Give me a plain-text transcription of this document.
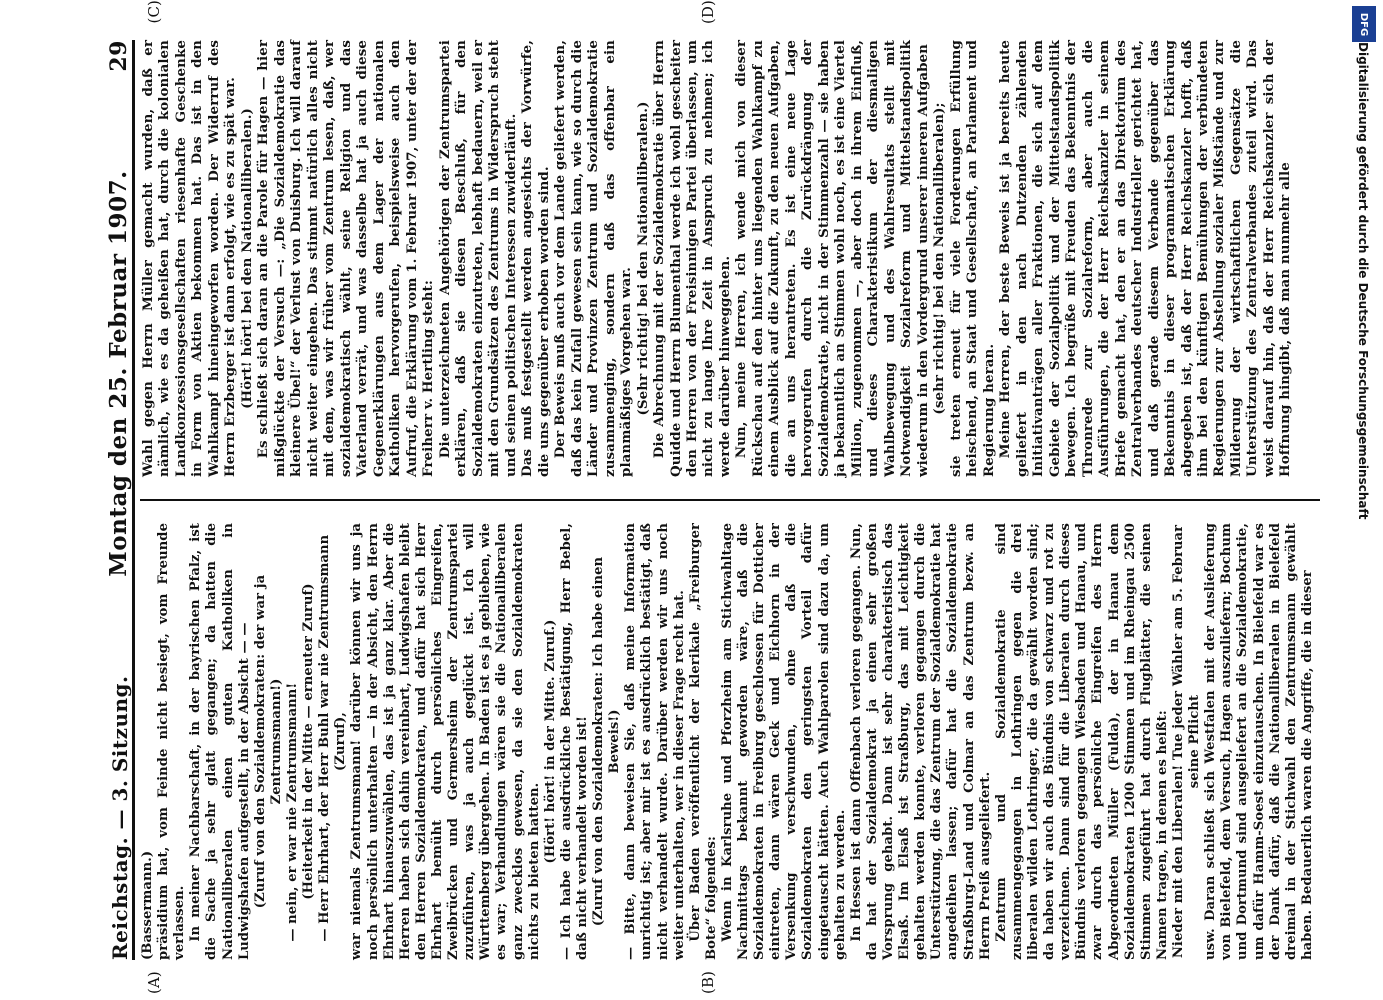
Reichstag. — 3. Sitzung.
Montag den 25. Februar 1907.
29
(A)	(B)

(Bassermann.) präsidium hat, vom Feinde nicht besiegt, vom Freunde verlassen. In meiner Nachbarschaft, in der bayrischen Pfalz, ist die Sache ja sehr glatt gegangen; da hatten die Nationalliberalen einen guten Katholiken in Ludwigshafen aufgestellt, in der Absicht — — (Zuruf von den Sozialdemokraten: der war ja Zentrumsmann!) — nein, er war nie Zentrumsmann! (Heiterkeit in der Mitte — erneuter Zuruf) — Herr Ehrhart, der Herr Buhl war nie Zentrumsmann (Zuruf), war niemals Zentrumsmann! darüber können wir uns ja noch persönlich unterhalten — in der Absicht, den Herrn Ehrhart hinauszuwählen, das ist ja ganz klar. Aber die Herren haben sich dahin vereinbart, Ludwigshafen bleibt den Herren Sozialdemokraten, und dafür hat sich Herr Ehrhart bemüht durch persönliches Eingreifen, Zweibrücken und Germersheim der Zentrumspartei zuzuführen, was ja auch geglückt ist. Ich will Württemberg übergehen. In Baden ist es ja geblieben, wie es war; Verhandlungen wären sie die Nationalliberalen ganz zwecklos gewesen, da sie den Sozialdemokraten nichts zu bieten hatten.

(Hört! hört! in der Mitte. Zuruf.) — Ich habe die ausdrückliche Bestätigung, Herr Bebel, daß nicht verhandelt worden ist! (Zuruf von den Sozialdemokraten: Ich habe einen Beweis!) — Bitte, dann beweisen Sie, daß meine Information unrichtig ist; aber mir ist es ausdrücklich bestätigt, daß nicht verhandelt wurde. Darüber werden wir uns noch weiter unterhalten, wer in dieser Frage recht hat. Über Baden veröffentlicht der klerikale „Freiburger Bote“ folgendes: Wenn in Karlsruhe und Pforzheim am Stichwahltage Nachmittags bekannt geworden wäre, daß die Sozialdemokraten in Freiburg geschlossen für Dotticher eintreten, dann wären Geck und Eichhorn in der Versenkung verschwunden, ohne daß die Sozialdemokraten den geringsten Vorteil dafür eingetauscht hätten. Auch Wahlparolen sind dazu da, um gehalten zu werden. In Hessen ist dann Offenbach verloren gegangen. Nun, da hat der Sozialdemokrat ja einen sehr großen Vorsprung gehabt. Dann ist sehr charakteristisch das Elsaß. Im Elsaß ist Straßburg, das mit Leichtigkeit gehalten werden konnte, verloren gegangen durch die Unterstützung, die das Zentrum der Sozialdemokratie hat angedeihen lassen; dafür hat die Sozialdemokratie Straßburg-Land und Colmar an das Zentrum bezw. an Herrn Preiß ausgeliefert. Zentrum und Sozialdemokratie sind zusammengegangen in Lothringen gegen die drei liberalen wilden Lothringer, die da gewählt worden sind; da haben wir auch das Bündnis von schwarz und rot zu verzeichnen. Dann sind für die Liberalen durch dieses Bündnis verloren gegangen Wiesbaden und Hanau, und zwar durch das persönliche Eingreifen des Herrn Abgeordneten Müller (Fulda), der in Hanau dem Sozialdemokraten 1200 Stimmen und im Rheingau 2500 Stimmen zugeführt hat durch Flugblätter, die seinen Namen tragen, in denen es heißt: Nieder mit den Liberalen! Tue jeder Wähler am 5. Februar seine Pflicht usw. Daran schließt sich Westfalen mit der Auslieferung von Bielefeld, dem Versuch, Hagen auszuliefern; Bochum und Dortmund sind ausgeliefert an die Sozialdemokratie, um dafür Hamm-Soest einzutauschen. In Bielefeld war es der Dank dafür, daß die Nationalliberalen in Bielefeld dreimal in der Stichwahl den Zentrumsmann gewählt haben. Bedauerlich waren die Angriffe, die in dieser

(C)	(D)

Wahl gegen Herrn Müller gemacht wurden, daß er nämlich, wie es da geheißen hat, durch die kolonialen Landkonzessionsgesellschaften riesenhafte Geschenke in Form von Aktien bekommen hat. Das ist in den Wahlkampf hineingeworfen worden. Der Widerruf des Herrn Erzberger ist dann erfolgt, wie es zu spät war. (Hört! hört! bei den Nationalliberalen.) Es schließt sich daran an die Parole für Hagen — hier mißglückte der Versuch —: „Die Sozialdemokratie das kleinere Übel!“ der Verlust von Duisburg. Ich will darauf nicht weiter eingehen. Das stimmt natürlich alles nicht mit dem, was wir früher vom Zentrum lesen, daß, wer sozialdemokratisch wählt, seine Religion und das Vaterland verrät, und was dasselbe hat ja auch diese Gegenerklärungen aus dem Lager der nationalen Katholiken hervorgerufen, beispielsweise auch den Aufruf, die Erklärung vom 1. Februar 1907, unter der der Freiherr v. Hertling steht: Die unterzeichneten Angehörigen der Zentrumspartei erklären, daß sie diesen Beschluß, für den Sozialdemokraten einzutreten, lebhaft bedauern, weil er mit den Grundsätzen des Zentrums in Widerspruch steht und seinen politischen Interessen zuwiderläuft. Das muß festgestellt werden angesichts der Vorwürfe, die uns gegenüber erhoben worden sind. Der Beweis muß auch vor dem Lande geliefert werden, daß das kein Zufall gewesen sein kann, wie so durch die Länder und Provinzen Zentrum und Sozialdemokratie zusammenging, sondern daß das offenbar ein planmäßiges Vorgehen war. (Sehr richtig! bei den Nationalliberalen.) Die Abrechnung mit der Sozialdemokratie über Herrn Quidde und Herrn Blumenthal werde ich wohl gescheiter den Herren von der Freisinnigen Partei überlassen, um nicht zu lange Ihre Zeit in Anspruch zu nehmen; ich werde darüber hinweggehen. Nun, meine Herren, ich wende mich von dieser Rückschau auf den hinter uns liegenden Wahlkampf zu einem Ausblick auf die Zukunft, zu den neuen Aufgaben, die an uns herantreten. Es ist eine neue Lage hervorgerufen durch die Zurückdrängung der Sozialdemokratie, nicht in der Stimmenzahl — sie haben ja bekanntlich an Stimmen wohl noch, es ist eine Viertel Million, zugenommen —, aber doch in ihrem Einfluß, und dieses Charakteristikum der diesmaligen Wahlbewegung und des Wahlresultats stellt mit Notwendigkeit Sozialreform und Mittelstandspolitik wiederum in den Vordergrund unserer inneren Aufgaben (sehr richtig! bei den Nationalliberalen); sie treten erneut für viele Forderungen Erfüllung heischend, an Staat und Gesellschaft, an Parlament und Regierung heran. Meine Herren, der beste Beweis ist ja bereits heute geliefert in den nach Dutzenden zählenden Initiativanträgen aller Fraktionen, die sich auf dem Gebiete der Sozialpolitik und der Mittelstandspolitik bewegen. Ich begrüße mit Freuden das Bekenntnis der Thronrede zur Sozialreform, aber auch die Ausführungen, die der Herr Reichskanzler in seinem Briefe gemacht hat, den er an das Direktorium des Zentralverbandes deutscher Industrieller gerichtet hat, und daß gerade diesem Verbande gegenüber das Bekenntnis in dieser programmatischen Erklärung abgegeben ist, daß der Herr Reichskanzler hofft, daß ihm bei den künftigen Bemühungen der verbündeten Regierungen zur Abstellung sozialer Mißstände und zur Milderung der wirtschaftlichen Gegensätze die Unterstützung des Zentralverbandes zuteil wird. Das weist darauf hin, daß der Herr Reichskanzler sich der Hoffnung hingibt, daß man nunmehr alle

DFG
Digitalisierung gefördert durch die Deutsche Forschungsgemeinschaft
